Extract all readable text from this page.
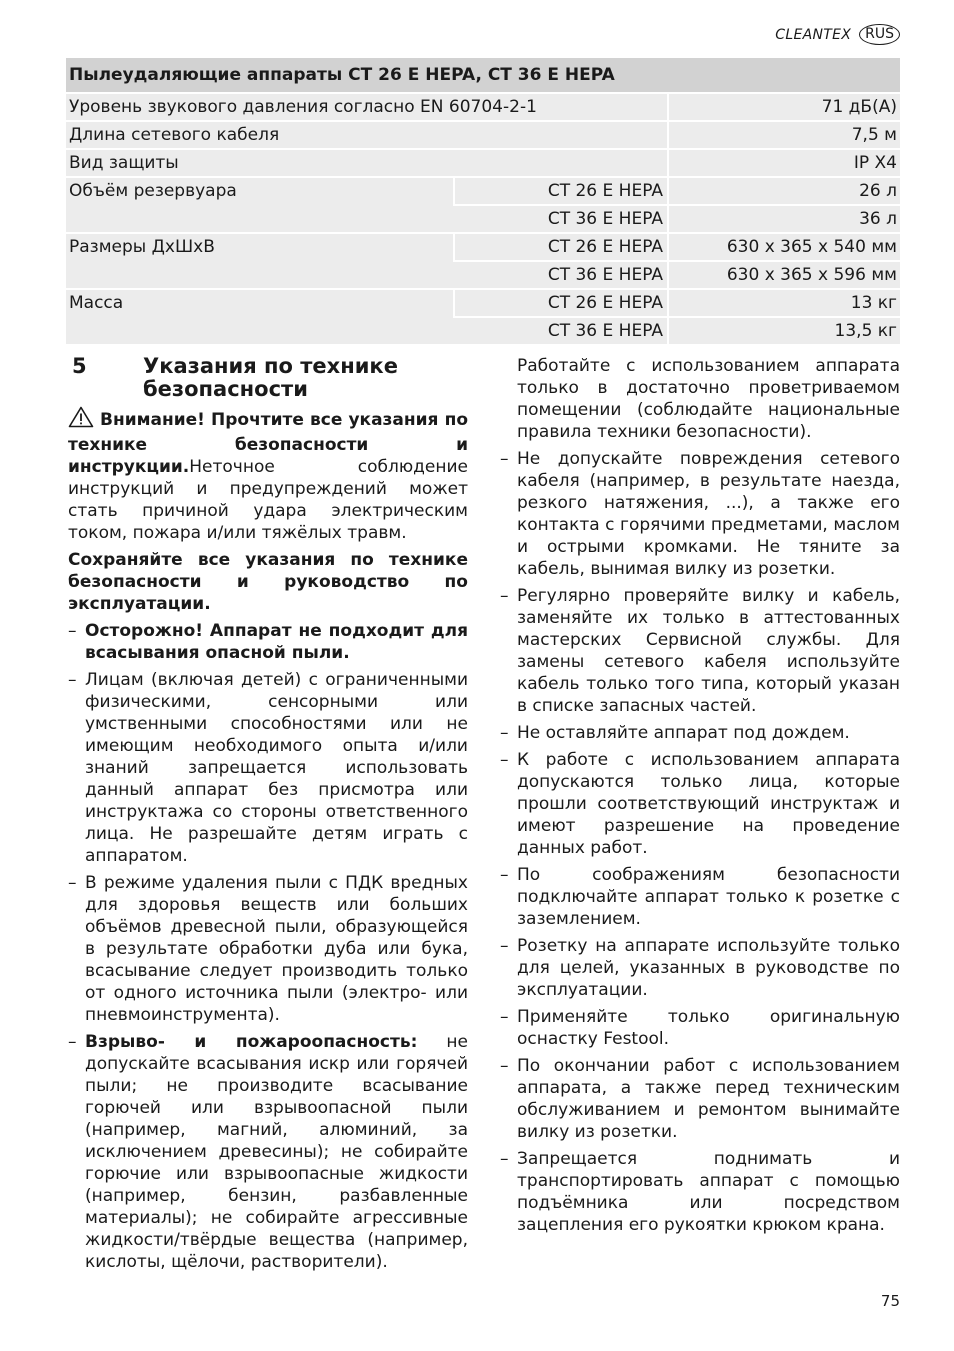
CLEANTEX	RUS
Пылеудаляющие аппараты CT 26 E HEPA, CT 36 E HEPA		
Уровень звукового давления согласно EN 60704-2-1		71 дБ(A)
Длина сетевого кабеля		7,5 м
Вид защиты		IP X4
Объём резервуара	CT 26 E HEPA	26 л
	CT 36 E HEPA	36 л
Размеры ДхШхВ	CT 26 E HEPA	630 x 365 x 540 мм
	CT 36 E HEPA	630 x 365 x 596 мм
Масса	CT 26 E HEPA	13 кг
	CT 36 E HEPA	13,5 кг
5	Указания по технике безопасности

Внимание! Прочтите все указания по технике безопасности и инструкции.Неточное соблюдение инструкций и предупреждений может стать причиной удара электрическим током, пожара и/или тяжёлых травм.

Сохраняйте все указания по технике безопасности и руководство по эксплуатации.

– Осторожно! Аппарат не подходит для всасывания опасной пыли.
– Лицам (включая детей) с ограниченными физическими, сенсорными или умственными способностями или не имеющим необходимого опыта и/или знаний запрещается использовать данный аппарат без присмотра или инструктажа со стороны ответственного лица. Не разрешайте детям играть с аппаратом.
– В режиме удаления пыли с ПДК вредных для здоровья веществ или больших объёмов древесной пыли, образующейся в результате обработки дуба или бука, всасывание следует производить только от одного источника пыли (электро- или пневмоинструмента).
– Взрыво- и пожароопасность: не допускайте всасывания искр или горячей пыли; не производите всасывание горючей или взрывоопасной пыли (например, магний, алюминий, за исключением древесины); не собирайте горючие или взрывоопасные жидкости (например, бензин, разбавленные материалы); не собирайте агрессивные жидкости/твёрдые вещества (например, кислоты, щёлочи, растворители).

Работайте с использованием аппарата только в достаточно проветриваемом помещении (соблюдайте национальные правила техники безопасности).

– Не допускайте повреждения сетевого кабеля (например, в результате наезда, резкого натяжения, ...), а также его контакта с горячими предметами, маслом и острыми кромками. Не тяните за кабель, вынимая вилку из розетки.
– Регулярно проверяйте вилку и кабель, заменяйте их только в аттестованных мастерских Сервисной службы. Для замены сетевого кабеля используйте кабель только того типа, который указан в списке запасных частей.
– Не оставляйте аппарат под дождем.
– К работе с использованием аппарата допускаются только лица, которые прошли соответствующий инструктаж и имеют разрешение на проведение данных работ.
– По соображениям безопасности подключайте аппарат только к розетке с заземлением.
– Розетку на аппарате используйте только для целей, указанных в руководстве по эксплуатации.
– Применяйте только оригинальную оснастку Festool.
– По окончании работ с использованием аппарата, а также перед техническим обслуживанием и ремонтом вынимайте вилку из розетки.
– Запрещается поднимать и транспортировать аппарат с помощью подъёмника или посредством зацепления его рукоятки крюком крана.
75
